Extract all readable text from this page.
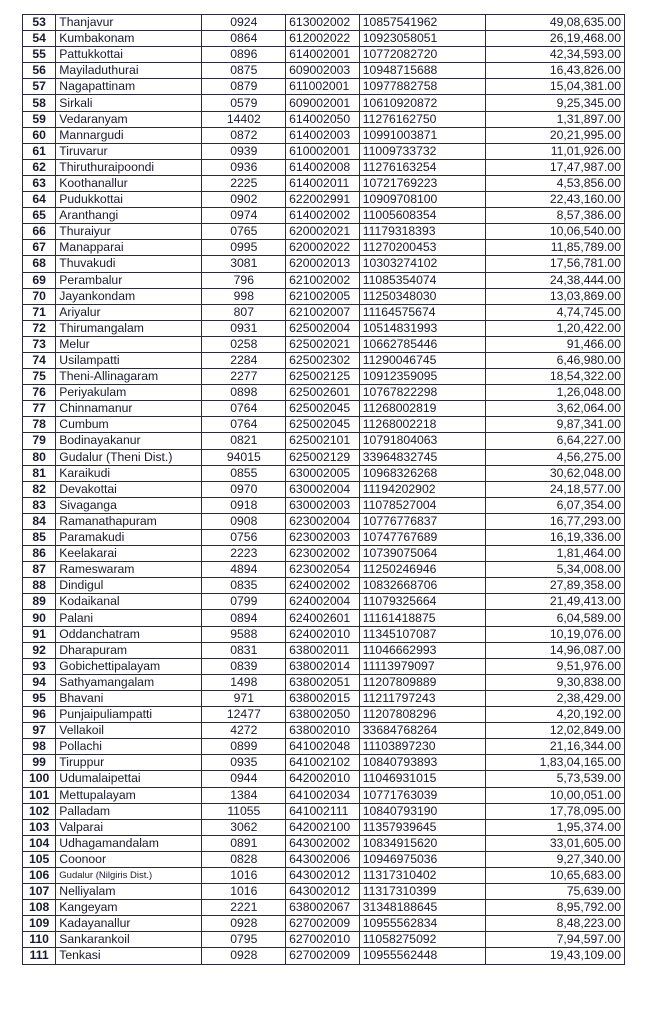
53	Thanjavur	0924	613002002	10857541962	49,08,635.00
54	Kumbakonam	0864	612002022	10923058051	26,19,468.00
55	Pattukkottai	0896	614002001	10772082720	42,34,593.00
56	Mayiladuthurai	0875	609002003	10948715688	16,43,826.00
57	Nagapattinam	0879	611002001	10977882758	15,04,381.00
58	Sirkali	0579	609002001	10610920872	9,25,345.00
59	Vedaranyam	14402	614002050	11276162750	1,31,897.00
60	Mannargudi	0872	614002003	10991003871	20,21,995.00
61	Tiruvarur	0939	610002001	11009733732	11,01,926.00
62	Thiruthuraipoondi	0936	614002008	11276163254	17,47,987.00
63	Koothanallur	2225	614002011	10721769223	4,53,856.00
64	Pudukkottai	0902	622002991	10909708100	22,43,160.00
65	Aranthangi	0974	614002002	11005608354	8,57,386.00
66	Thuraiyur	0765	620002021	11179318393	10,06,540.00
67	Manapparai	0995	620002022	11270200453	11,85,789.00
68	Thuvakudi	3081	620002013	10303274102	17,56,781.00
69	Perambalur	796	621002002	11085354074	24,38,444.00
70	Jayankondam	998	621002005	11250348030	13,03,869.00
71	Ariyalur	807	621002007	11164575674	4,74,745.00
72	Thirumangalam	0931	625002004	10514831993	1,20,422.00
73	Melur	0258	625002021	10662785446	91,466.00
74	Usilampatti	2284	625002302	11290046745	6,46,980.00
75	Theni-Allinagaram	2277	625002125	10912359095	18,54,322.00
76	Periyakulam	0898	625002601	10767822298	1,26,048.00
77	Chinnamanur	0764	625002045	11268002819	3,62,064.00
78	Cumbum	0764	625002045	11268002218	9,87,341.00
79	Bodinayakanur	0821	625002101	10791804063	6,64,227.00
80	Gudalur (Theni Dist.)	94015	625002129	33964832745	4,56,275.00
81	Karaikudi	0855	630002005	10968326268	30,62,048.00
82	Devakottai	0970	630002004	11194202902	24,18,577.00
83	Sivaganga	0918	630002003	11078527004	6,07,354.00
84	Ramanathapuram	0908	623002004	10776776837	16,77,293.00
85	Paramakudi	0756	623002003	10747767689	16,19,336.00
86	Keelakarai	2223	623002002	10739075064	1,81,464.00
87	Rameswaram	4894	623002054	11250246946	5,34,008.00
88	Dindigul	0835	624002002	10832668706	27,89,358.00
89	Kodaikanal	0799	624002004	11079325664	21,49,413.00
90	Palani	0894	624002601	11161418875	6,04,589.00
91	Oddanchatram	9588	624002010	11345107087	10,19,076.00
92	Dharapuram	0831	638002011	11046662993	14,96,087.00
93	Gobichettipalayam	0839	638002014	11113979097	9,51,976.00
94	Sathyamangalam	1498	638002051	11207809889	9,30,838.00
95	Bhavani	971	638002015	11211797243	2,38,429.00
96	Punjaipuliampatti	12477	638002050	11207808296	4,20,192.00
97	Vellakoil	4272	638002010	33684768264	12,02,849.00
98	Pollachi	0899	641002048	11103897230	21,16,344.00
99	Tiruppur	0935	641002102	10840793893	1,83,04,165.00
100	Udumalaipettai	0944	642002010	11046931015	5,73,539.00
101	Mettupalayam	1384	641002034	10771763039	10,00,051.00
102	Palladam	11055	641002111	10840793190	17,78,095.00
103	Valparai	3062	642002100	11357939645	1,95,374.00
104	Udhagamandalam	0891	643002002	10834915620	33,01,605.00
105	Coonoor	0828	643002006	10946975036	9,27,340.00
106	Gudalur (Nilgiris Dist.)	1016	643002012	11317310402	10,65,683.00
107	Nelliyalam	1016	643002012	11317310399	75,639.00
108	Kangeyam	2221	638002067	31348188645	8,95,792.00
109	Kadayanallur	0928	627002009	10955562834	8,48,223.00
110	Sankarankoil	0795	627002010	11058275092	7,94,597.00
111	Tenkasi	0928	627002009	10955562448	19,43,109.00
